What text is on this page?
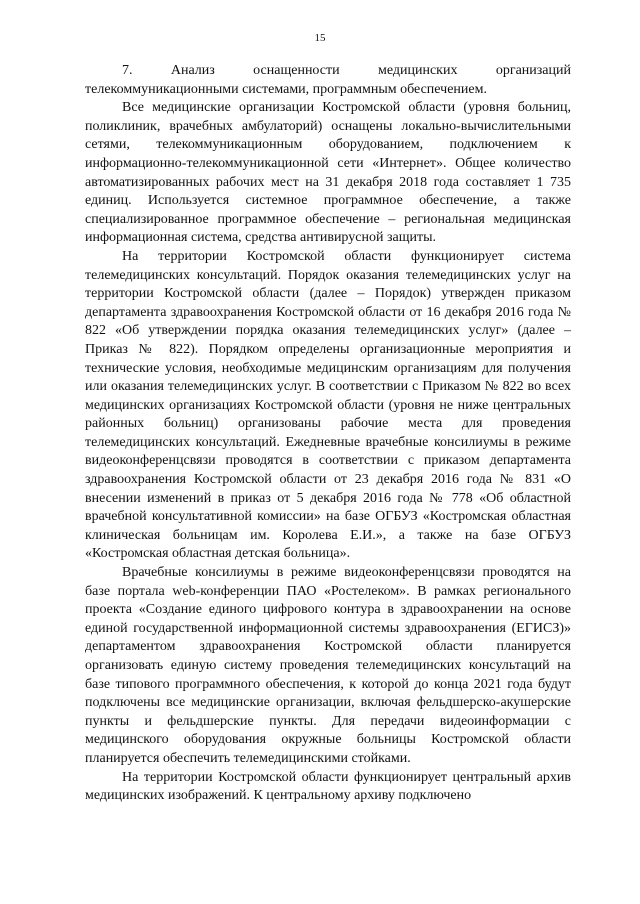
15

7. Анализ оснащенности медицинских организаций телекоммуникационными системами, программным обеспечением.

Все медицинские организации Костромской области (уровня больниц, поликлиник, врачебных амбулаторий) оснащены локально-вычислительными сетями, телекоммуникационным оборудованием, подключением к информационно-телекоммуникационной сети «Интернет». Общее количество автоматизированных рабочих мест на 31 декабря 2018 года составляет 1 735 единиц. Используется системное программное обеспечение, а также специализированное программное обеспечение – региональная медицинская информационная система, средства антивирусной защиты.

На территории Костромской области функционирует система телемедицинских консультаций. Порядок оказания телемедицинских услуг на территории Костромской области (далее – Порядок) утвержден приказом департамента здравоохранения Костромской области от 16 декабря 2016 года № 822 «Об утверждении порядка оказания телемедицинских услуг» (далее – Приказ № 822). Порядком определены организационные мероприятия и технические условия, необходимые медицинским организациям для получения или оказания телемедицинских услуг. В соответствии с Приказом № 822 во всех медицинских организациях Костромской области (уровня не ниже центральных районных больниц) организованы рабочие места для проведения телемедицинских консультаций. Ежедневные врачебные консилиумы в режиме видеоконференцсвязи проводятся в соответствии с приказом департамента здравоохранения Костромской области от 23 декабря 2016 года № 831 «О внесении изменений в приказ от 5 декабря 2016 года № 778 «Об областной врачебной консультативной комиссии» на базе ОГБУЗ «Костромская областная клиническая больницам им. Королева Е.И.», а также на базе ОГБУЗ «Костромская областная детская больница».

Врачебные консилиумы в режиме видеоконференцсвязи проводятся на базе портала web-конференции ПАО «Ростелеком». В рамках регионального проекта «Создание единого цифрового контура в здравоохранении на основе единой государственной информационной системы здравоохранения (ЕГИСЗ)» департаментом здравоохранения Костромской области планируется организовать единую систему проведения телемедицинских консультаций на базе типового программного обеспечения, к которой до конца 2021 года будут подключены все медицинские организации, включая фельдшерско-акушерские пункты и фельдшерские пункты. Для передачи видеоинформации с медицинского оборудования окружные больницы Костромской области планируется обеспечить телемедицинскими стойками.

На территории Костромской области функционирует центральный архив медицинских изображений. К центральному архиву подключено
